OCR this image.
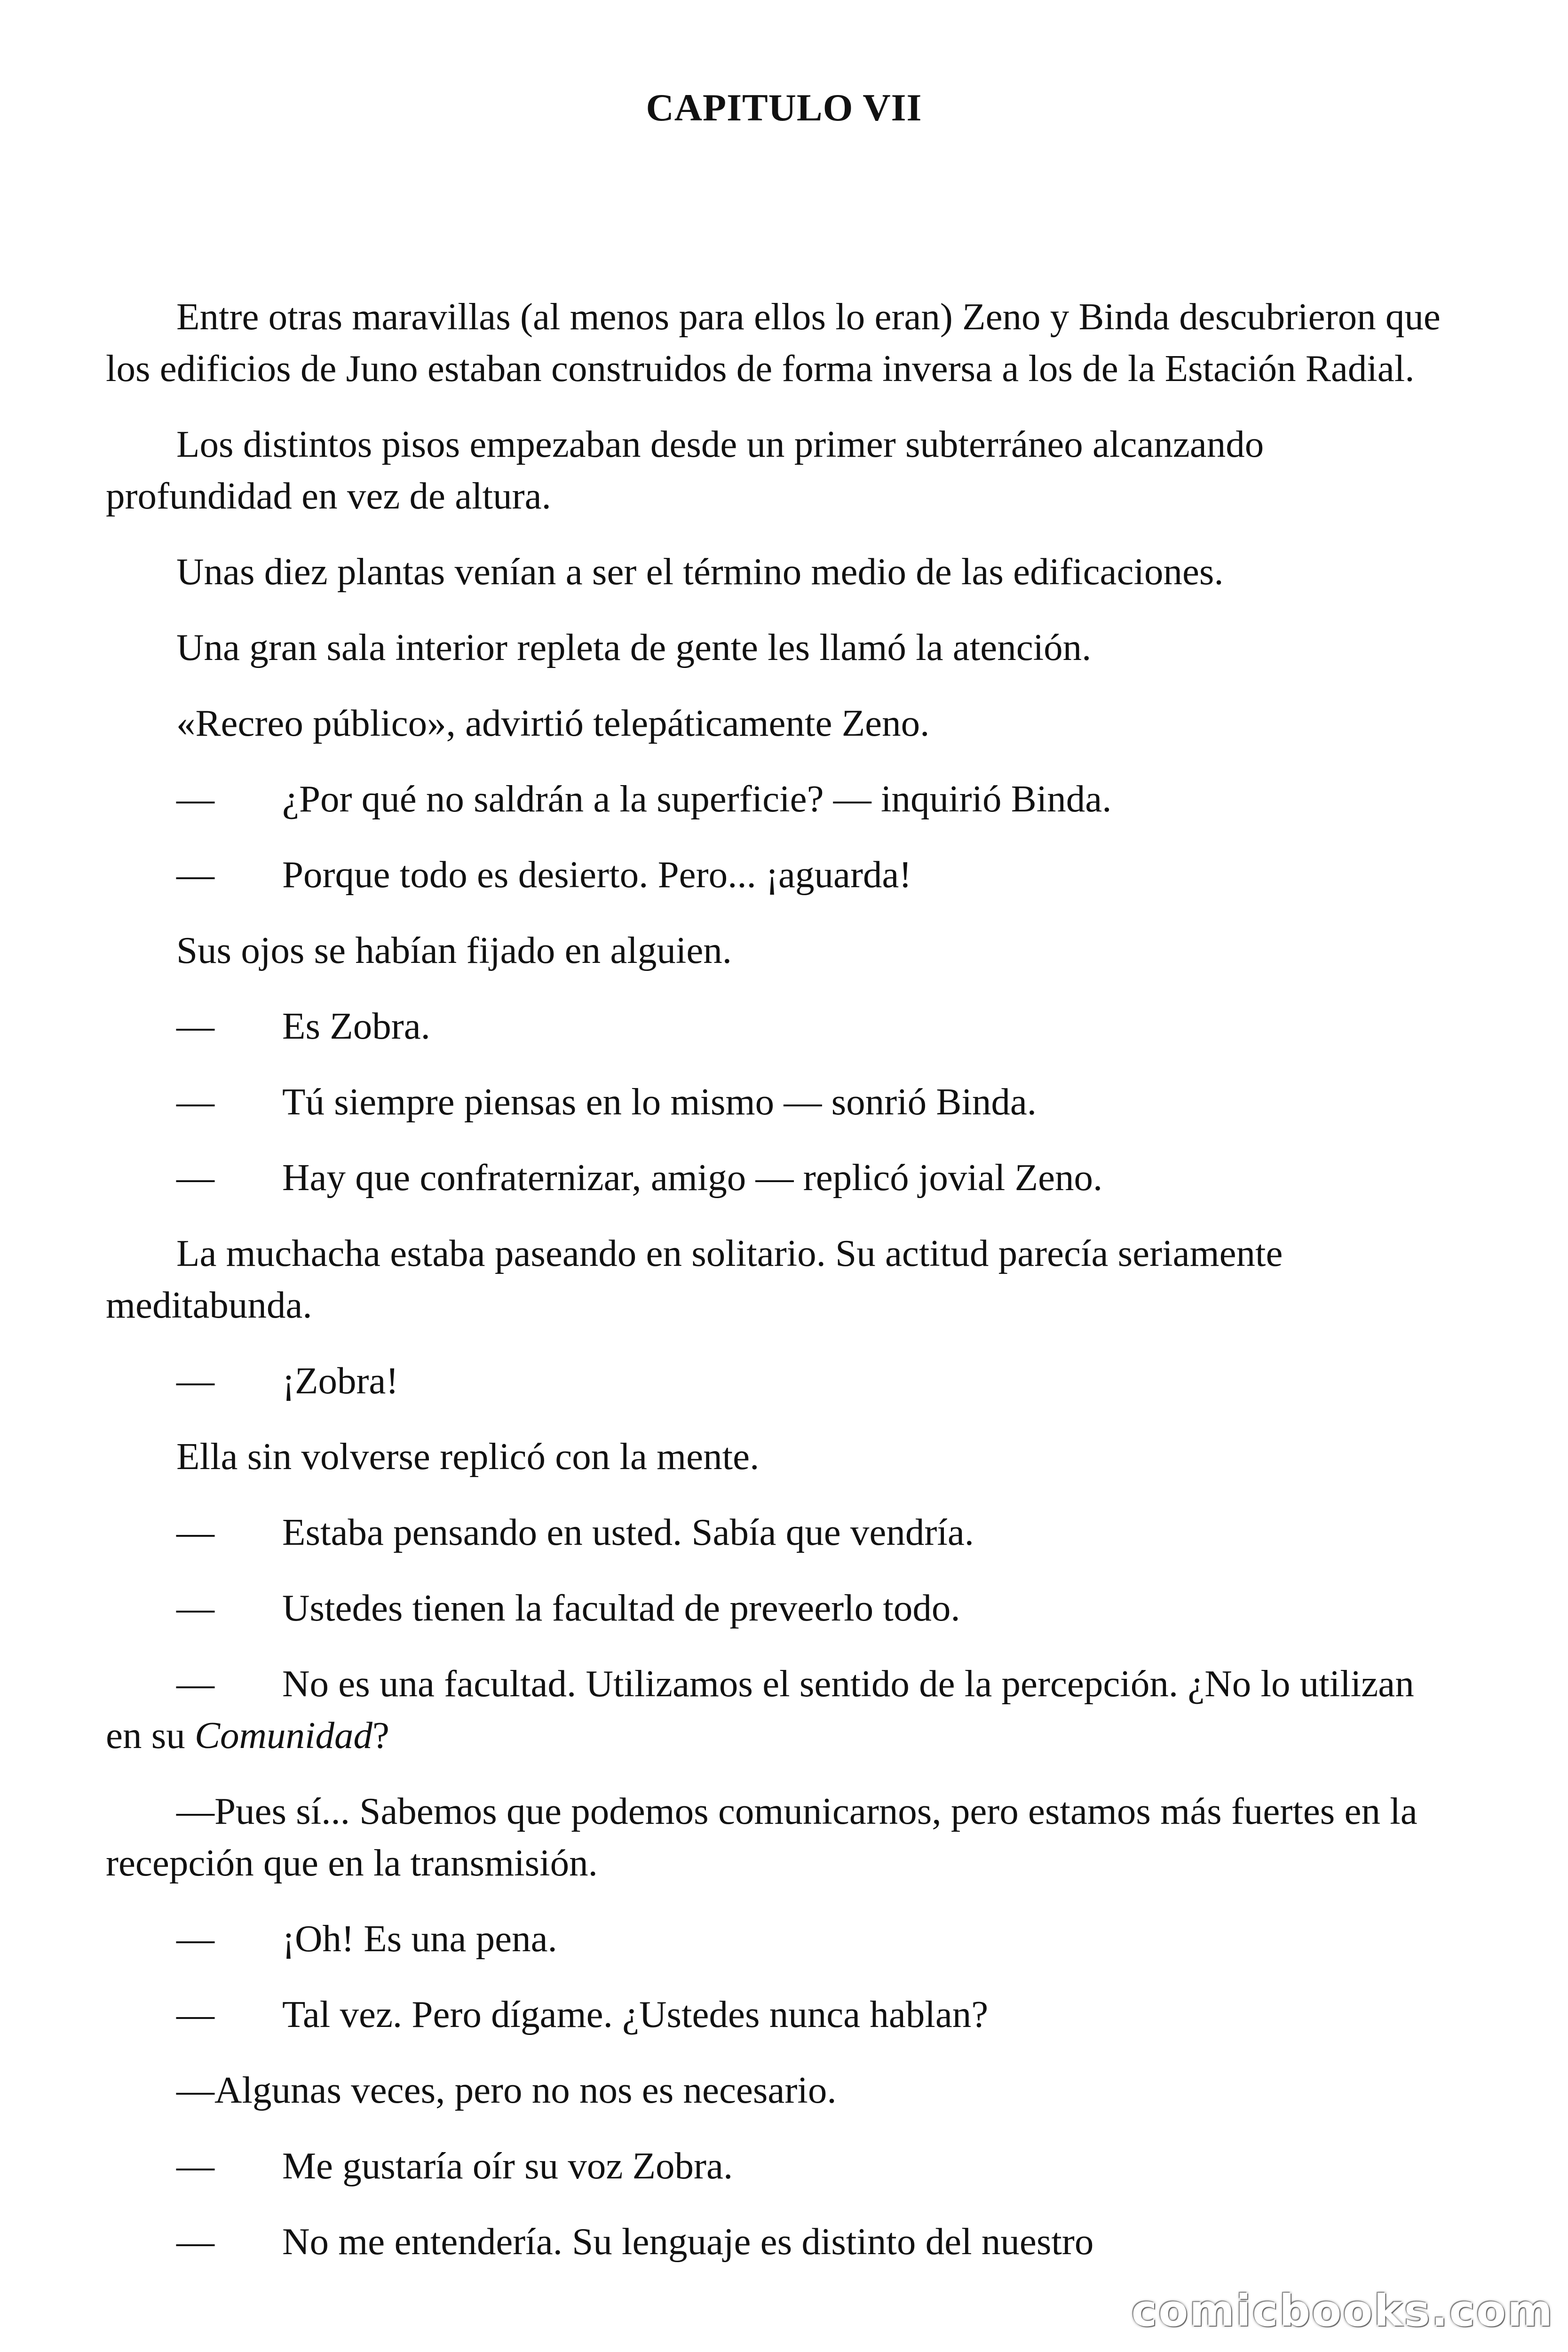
CAPITULO VII

Entre otras maravillas (al menos para ellos lo eran) Zeno y Binda descubrieron que los edificios de Juno estaban construidos de forma inversa a los de la Estación Radial.

Los distintos pisos empezaban desde un primer subterráneo alcanzando profundidad en vez de altura.

Unas diez plantas venían a ser el término medio de las edificaciones.

Una gran sala interior repleta de gente les llamó la atención.

«Recreo público», advirtió telepáticamente Zeno.

— ¿Por qué no saldrán a la superficie? — inquirió Binda.

— Porque todo es desierto. Pero... ¡aguarda!

Sus ojos se habían fijado en alguien.

— Es Zobra.

— Tú siempre piensas en lo mismo — sonrió Binda.

— Hay que confraternizar, amigo — replicó jovial Zeno.

La muchacha estaba paseando en solitario. Su actitud parecía seriamente meditabunda.

— ¡Zobra!

Ella sin volverse replicó con la mente.

— Estaba pensando en usted. Sabía que vendría.

— Ustedes tienen la facultad de preveerlo todo.

— No es una facultad. Utilizamos el sentido de la percepción. ¿No lo utilizan en su Comunidad?

—Pues sí... Sabemos que podemos comunicarnos, pero estamos más fuertes en la recepción que en la transmisión.

— ¡Oh! Es una pena.

— Tal vez. Pero dígame. ¿Ustedes nunca hablan?

—Algunas veces, pero no nos es necesario.

— Me gustaría oír su voz Zobra.

— No me entendería. Su lenguaje es distinto del nuestro

comicbooks.com
